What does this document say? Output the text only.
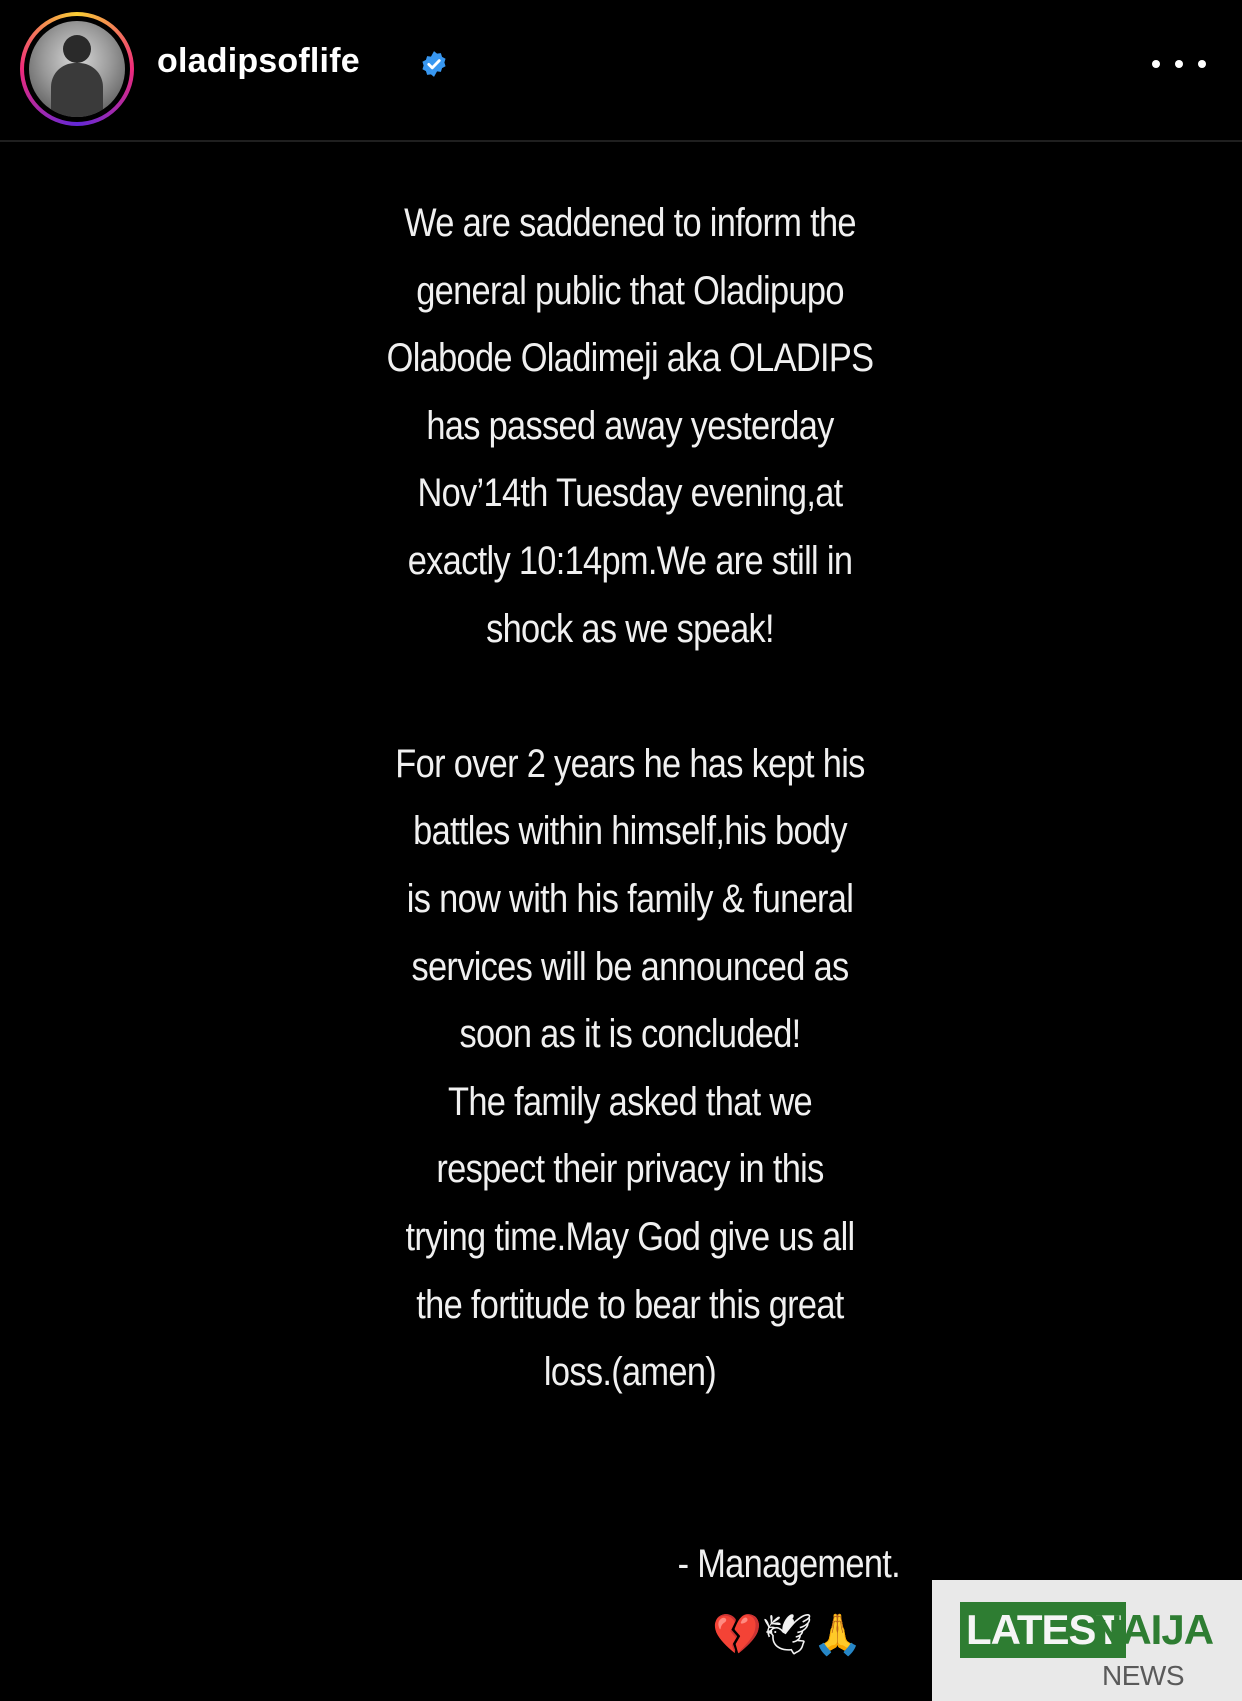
oladipsoflife

We are saddened to inform the

general public that Oladipupo

Olabode Oladimeji aka OLADIPS

has passed away yesterday

Nov’14th Tuesday evening,at

exactly 10:14pm.We are still in

shock as we speak!

For over 2 years he has kept his

battles within himself,his body

is now with his family & funeral

services will be announced as

soon as it is concluded!

The family asked that we

respect their privacy in this

trying time.May God give us all

the fortitude to bear this great

loss.(amen)

- Management.
💔🕊🙏 LATEST
NAIJA
NEWS
